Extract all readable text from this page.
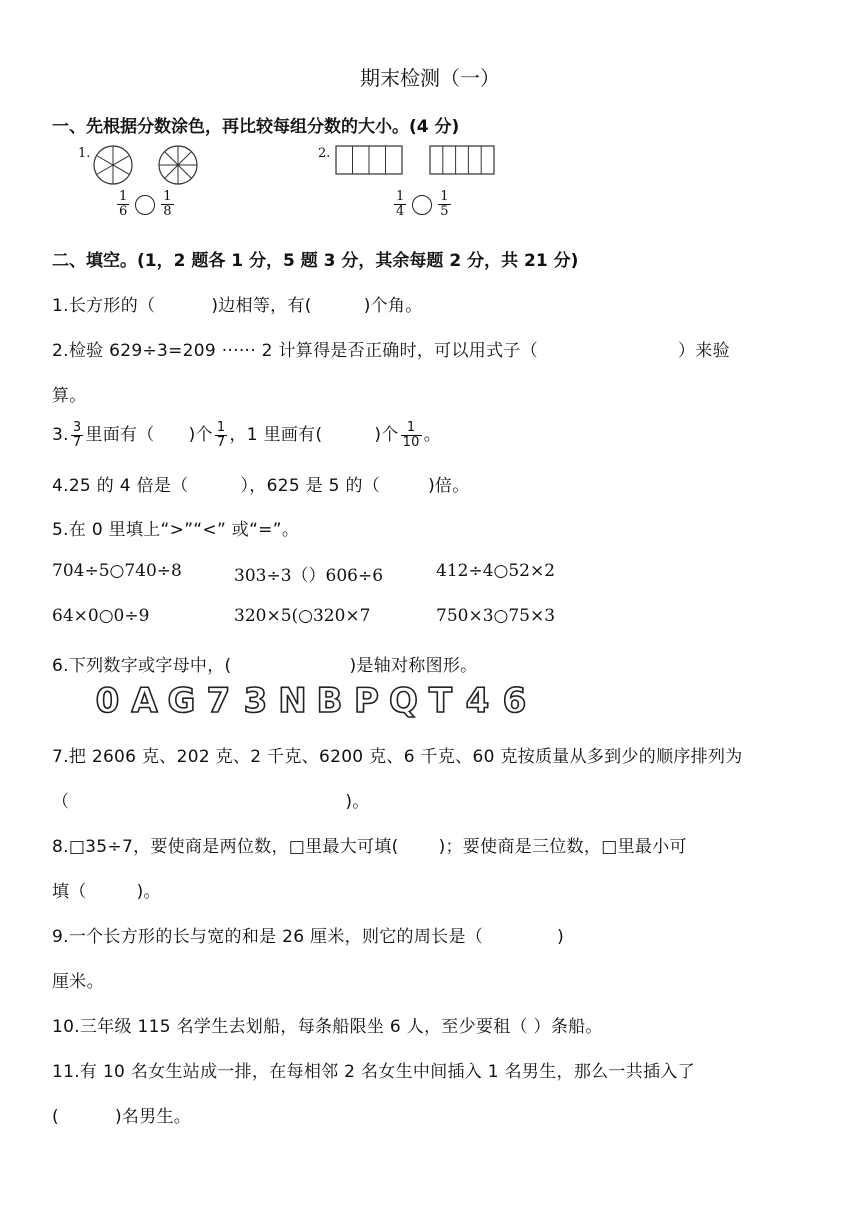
期末检测（一）
一、先根据分数涂色，再比较每组分数的大小。(4 分)
1.
$\frac{1}{6} \frac{1}{8}$
2.
$\frac{1}{4} \frac{1}{5}$
二、填空。(1，2 题各 1 分，5 题 3 分，其余每题 2 分，共 21 分)
1.长方形的（	)边相等，有(	)个角。
2.检验 629÷3=209 ······ 2 计算得是否正确时，可以用式子（	）来验
算。
3. $\frac{3}{7}$ 里面有（ )个 $\frac{1}{7}$ ，1 里画有(	)个 $\frac{1}{10}$ 。
4.25 的 4 倍是（	），625 是 5 的（	)倍。
5.在 0 里填上“>”“<” 或“=”。
704÷5○740÷8	303÷3（）606÷6	412÷4○52×2
64×0○0÷9	320×5(○320×7	750×3○75×3
6.下列数字或字母中，(	)是轴对称图形。
0 A G 7 3 N B P Q T 4 6
7.把 2606 克、202 克、2 千克、6200 克、6 千克、60 克按质量从多到少的顺序排列为
（	)。
8.□35÷7，要使商是两位数，□里最大可填( )；要使商是三位数，□里最小可
填（	)。
9.一个长方形的长与宽的和是 26 厘米，则它的周长是（	)
厘米。
10.三年级 115 名学生去划船，每条船限坐 6 人，至少要租（ ）条船。
11.有 10 名女生站成一排，在每相邻 2 名女生中间插入 1 名男生，那么一共插入了
(	)名男生。
